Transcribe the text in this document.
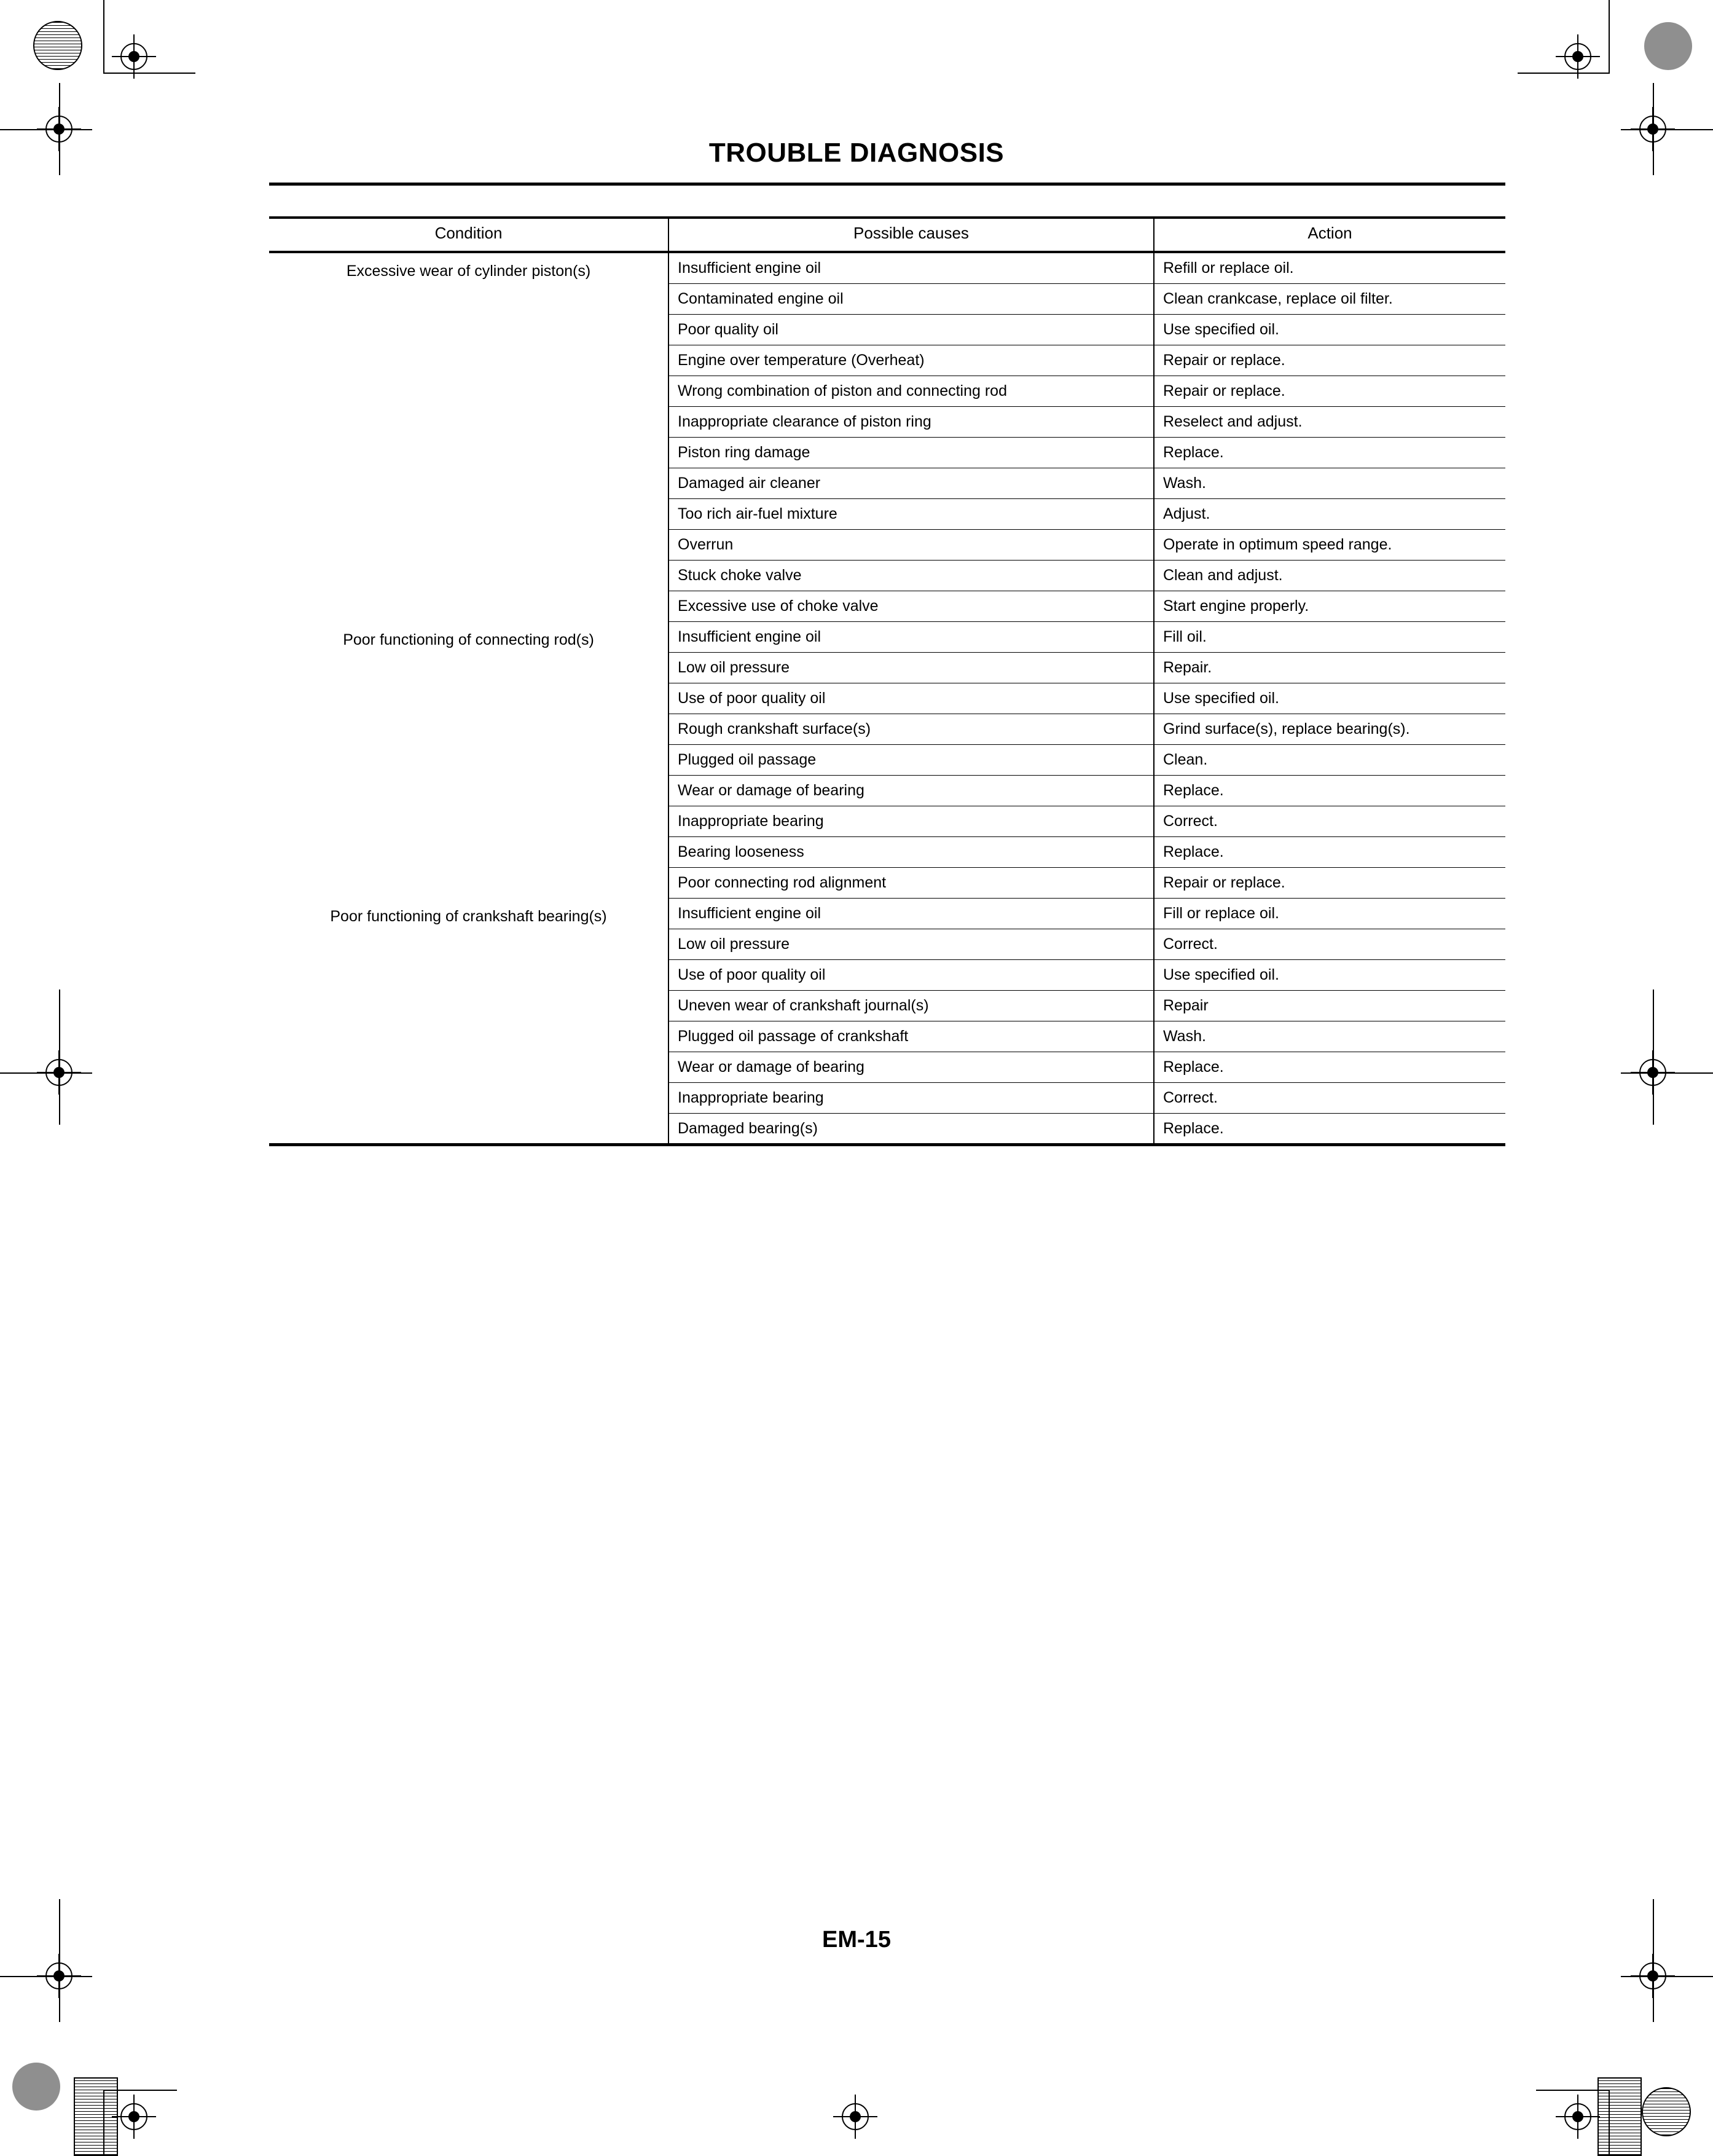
TROUBLE DIAGNOSIS
Condition	Possible causes	Action
Excessive wear of cylinder piston(s)	Insufficient engine oil	Refill or replace oil.
	Contaminated engine oil	Clean crankcase, replace oil filter.
	Poor quality oil	Use specified oil.
	Engine over temperature (Overheat)	Repair or replace.
	Wrong combination of piston and connecting rod	Repair or replace.
	Inappropriate clearance of piston ring	Reselect and adjust.
	Piston ring damage	Replace.
	Damaged air cleaner	Wash.
	Too rich air-fuel mixture	Adjust.
	Overrun	Operate in optimum speed range.
	Stuck choke valve	Clean and adjust.
	Excessive use of choke valve	Start engine properly.
Poor functioning of connecting rod(s)	Insufficient engine oil	Fill oil.
	Low oil pressure	Repair.
	Use of poor quality oil	Use specified oil.
	Rough crankshaft surface(s)	Grind surface(s), replace bearing(s).
	Plugged oil passage	Clean.
	Wear or damage of bearing	Replace.
	Inappropriate bearing	Correct.
	Bearing looseness	Replace.
	Poor connecting rod alignment	Repair or replace.
Poor functioning of crankshaft bearing(s)	Insufficient engine oil	Fill or replace oil.
	Low oil pressure	Correct.
	Use of poor quality oil	Use specified oil.
	Uneven wear of crankshaft journal(s)	Repair
	Plugged oil passage of crankshaft	Wash.
	Wear or damage of bearing	Replace.
	Inappropriate bearing	Correct.
	Damaged bearing(s)	Replace.
EM-15
